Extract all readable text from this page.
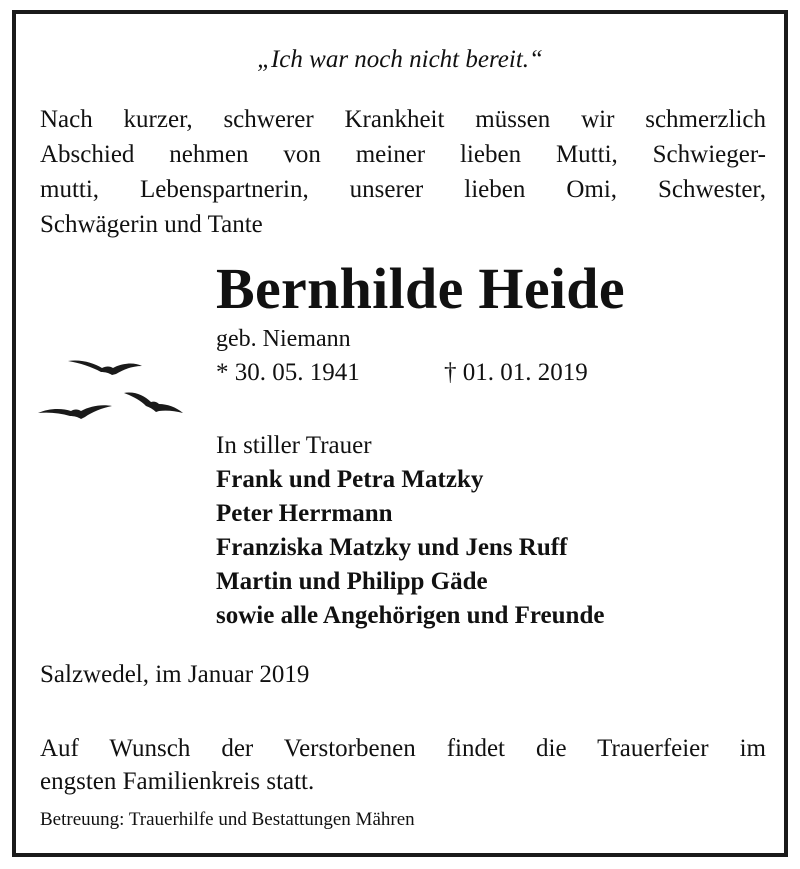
„Ich war noch nicht bereit.“
Nach kurzer, schwerer Krankheit müssen wir schmerzlich
Abschied nehmen von meiner lieben Mutti, Schwieger-
mutti, Lebenspartnerin, unserer lieben Omi, Schwester,
Schwägerin und Tante
Bernhilde Heide
geb. Niemann
* 30. 05. 1941	† 01. 01. 2019
In stiller Trauer
Frank und Petra Matzky
Peter Herrmann
Franziska Matzky und Jens Ruff
Martin und Philipp Gäde
sowie alle Angehörigen und Freunde
Salzwedel, im Januar 2019
Auf Wunsch der Verstorbenen findet die Trauerfeier im
engsten Familienkreis statt.
Betreuung: Trauerhilfe und Bestattungen Mähren
